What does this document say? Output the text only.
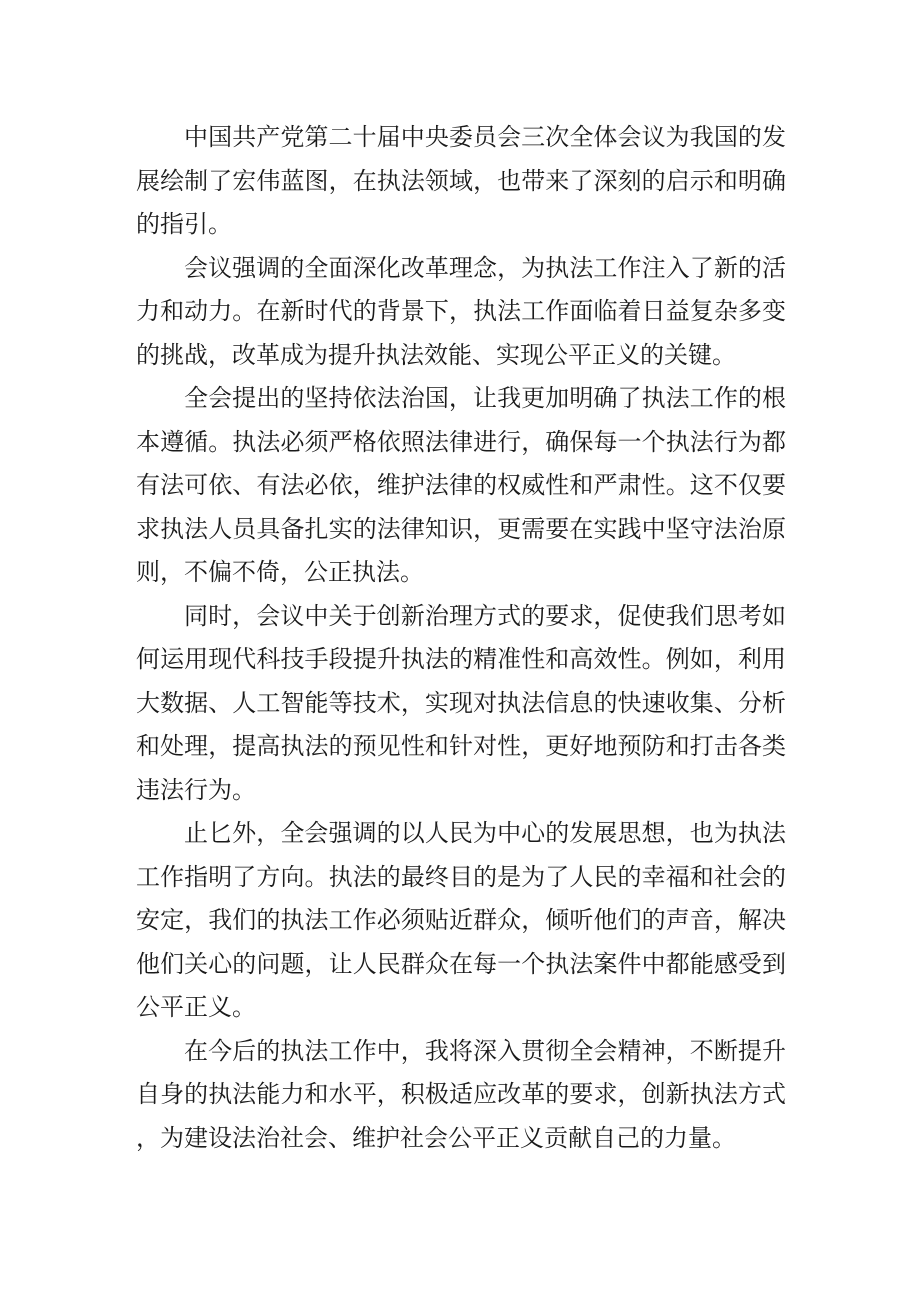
中国共产党第二十届中央委员会三次全体会议为我国的发展绘制了宏伟蓝图，在执法领域，也带来了深刻的启示和明确的指引。

会议强调的全面深化改革理念，为执法工作注入了新的活力和动力。在新时代的背景下，执法工作面临着日益复杂多变的挑战，改革成为提升执法效能、实现公平正义的关键。

全会提出的坚持依法治国，让我更加明确了执法工作的根本遵循。执法必须严格依照法律进行，确保每一个执法行为都有法可依、有法必依，维护法律的权威性和严肃性。这不仅要求执法人员具备扎实的法律知识，更需要在实践中坚守法治原则，不偏不倚，公正执法。

同时，会议中关于创新治理方式的要求，促使我们思考如何运用现代科技手段提升执法的精准性和高效性。例如，利用大数据、人工智能等技术，实现对执法信息的快速收集、分析和处理，提高执法的预见性和针对性，更好地预防和打击各类违法行为。

止匕外，全会强调的以人民为中心的发展思想，也为执法工作指明了方向。执法的最终目的是为了人民的幸福和社会的安定，我们的执法工作必须贴近群众，倾听他们的声音，解决他们关心的问题，让人民群众在每一个执法案件中都能感受到公平正义。

在今后的执法工作中，我将深入贯彻全会精神，不断提升自身的执法能力和水平，积极适应改革的要求，创新执法方式，为建设法治社会、维护社会公平正义贡献自己的力量。
